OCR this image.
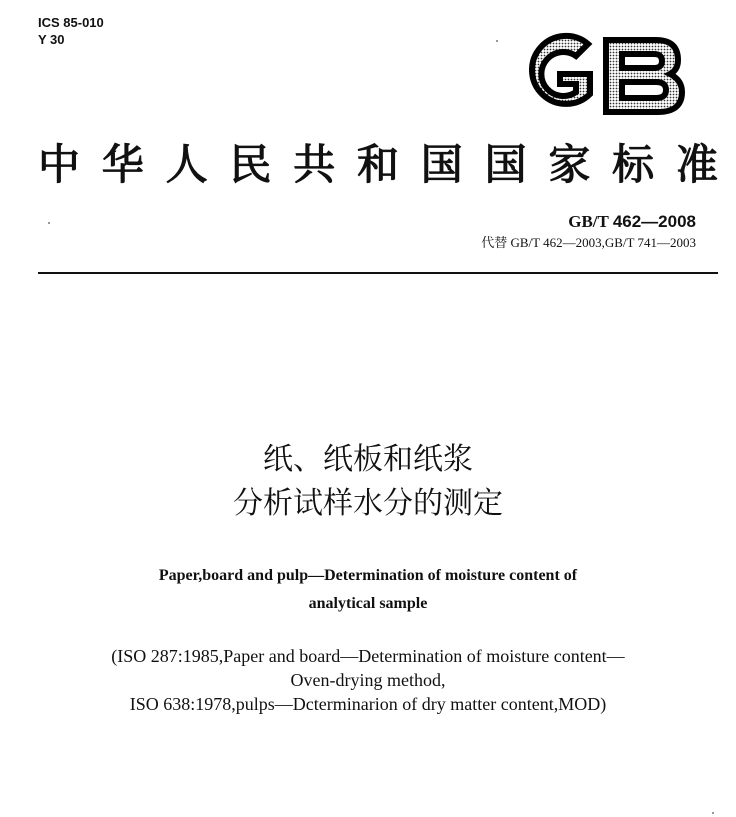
ICS 85-010
Y 30
中 华 人 民 共 和 国 国 家 标 准
GB/T 462—2008
代替 GB/T 462—2003,GB/T 741—2003
纸、纸板和纸浆
分析试样水分的测定
Paper,board and pulp—Determination of moisture content of
analytical sample
(ISO 287:1985,Paper and board—Determination of moisture content—
Oven-drying method,
ISO 638:1978,pulps—Dcterminarion of dry matter content,MOD)
